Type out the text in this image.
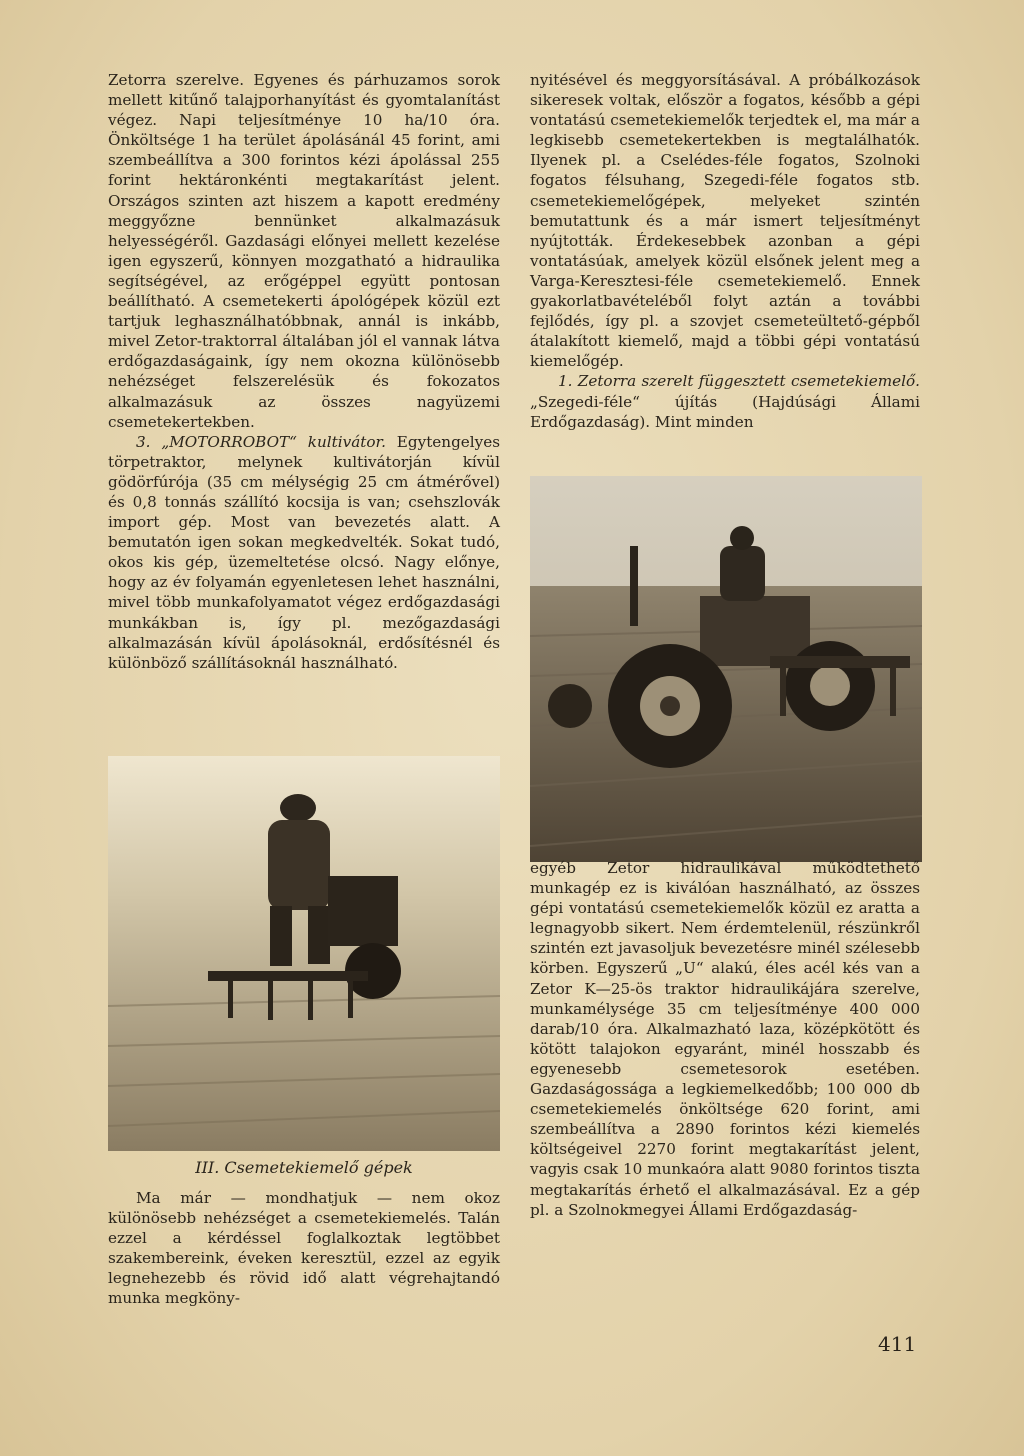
Zetorra szerelve. Egyenes és párhuzamos sorok mellett kitűnő talajporhanyítást és gyomtalanítást végez. Napi teljesítménye 10 ha/10 óra. Önköltsége 1 ha terület ápolásánál 45 forint, ami szembeállítva a 300 forintos kézi ápolással 255 forint hektáronkénti megtakarítást jelent. Országos szinten azt hiszem a kapott eredmény meggyőzne bennünket alkalmazásuk helyességéről. Gazdasági előnyei mellett kezelése igen egyszerű, könnyen mozgatható a hidraulika segítségével, az erőgéppel együtt pontosan beállítható. A csemetekerti ápológépek közül ezt tartjuk leghasználhatóbbnak, annál is inkább, mivel Zetor-traktorral általában jól el vannak látva erdőgazdaságaink, így nem okozna különösebb nehézséget felszerelésük és fokozatos alkalmazásuk az összes nagyüzemi csemetekertekben.

3. „MOTORROBOT“ kultivátor. Egytengelyes törpetraktor, melynek kultivátorján kívül gödörfúrója (35 cm mélységig 25 cm átmérővel) és 0,8 tonnás szállító kocsija is van; csehszlovák import gép. Most van bevezetés alatt. A bemutatón igen sokan megkedvelték. Sokat tudó, okos kis gép, üzemeltetése olcsó. Nagy előnye, hogy az év folyamán egyenletesen lehet használni, mivel több munkafolyamatot végez erdőgazdasági munkákban is, így pl. mezőgazdasági alkalmazásán kívül ápolásoknál, erdősítésnél és különböző szállításoknál használható.

nyitésével és meggyorsításával. A próbálkozások sikeresek voltak, először a fogatos, később a gépi vontatású csemetekiemelők terjedtek el, ma már a legkisebb csemetekertekben is megtalálhatók. Ilyenek pl. a Cselédes-féle fogatos, Szolnoki fogatos félsuhang, Szegedi-féle fogatos stb. csemetekiemelőgépek, melyeket szintén bemutattunk és a már ismert teljesítményt nyújtották. Érdekesebbek azonban a gépi vontatásúak, amelyek közül elsőnek jelent meg a Varga-Keresztesi-féle csemetekiemelő. Ennek gyakorlatbavételéből folyt aztán a további fejlődés, így pl. a szovjet csemeteültető-gépből átalakított kiemelő, majd a többi gépi vontatású kiemelőgép.

1. Zetorra szerelt függesztett csemetekiemelő. „Szegedi-féle“ újítás (Hajdúsági Állami Erdőgazdaság). Mint minden

III. Csemetekiemelő gépek

Ma már — mondhatjuk — nem okoz különösebb nehézséget a csemetekiemelés. Talán ezzel a kérdéssel foglalkoztak legtöbbet szakembereink, éveken keresztül, ezzel az egyik legnehezebb és rövid idő alatt végrehajtandó munka megköny-

egyéb Zetor hidraulikával működtethető munkagép ez is kiválóan használható, az összes gépi vontatású csemetekiemelők közül ez aratta a legnagyobb sikert. Nem érdemtelenül, részünkről szintén ezt javasoljuk bevezetésre minél szélesebb körben. Egyszerű „U“ alakú, éles acél kés van a Zetor K—25-ös traktor hidraulikájára szerelve, munkamélysége 35 cm teljesítménye 400 000 darab/10 óra. Alkalmazható laza, középkötött és kötött talajokon egyaránt, minél hosszabb és egyenesebb csemetesorok esetében. Gazdaságossága a legkiemelkedőbb; 100 000 db csemetekiemelés önköltsége 620 forint, ami szembeállítva a 2890 forintos kézi kiemelés költségeivel 2270 forint megtakarítást jelent, vagyis csak 10 munkaóra alatt 9080 forintos tiszta megtakarítás érhető el alkalmazásával. Ez a gép pl. a Szolnokmegyei Állami Erdőgazdaság-

411
